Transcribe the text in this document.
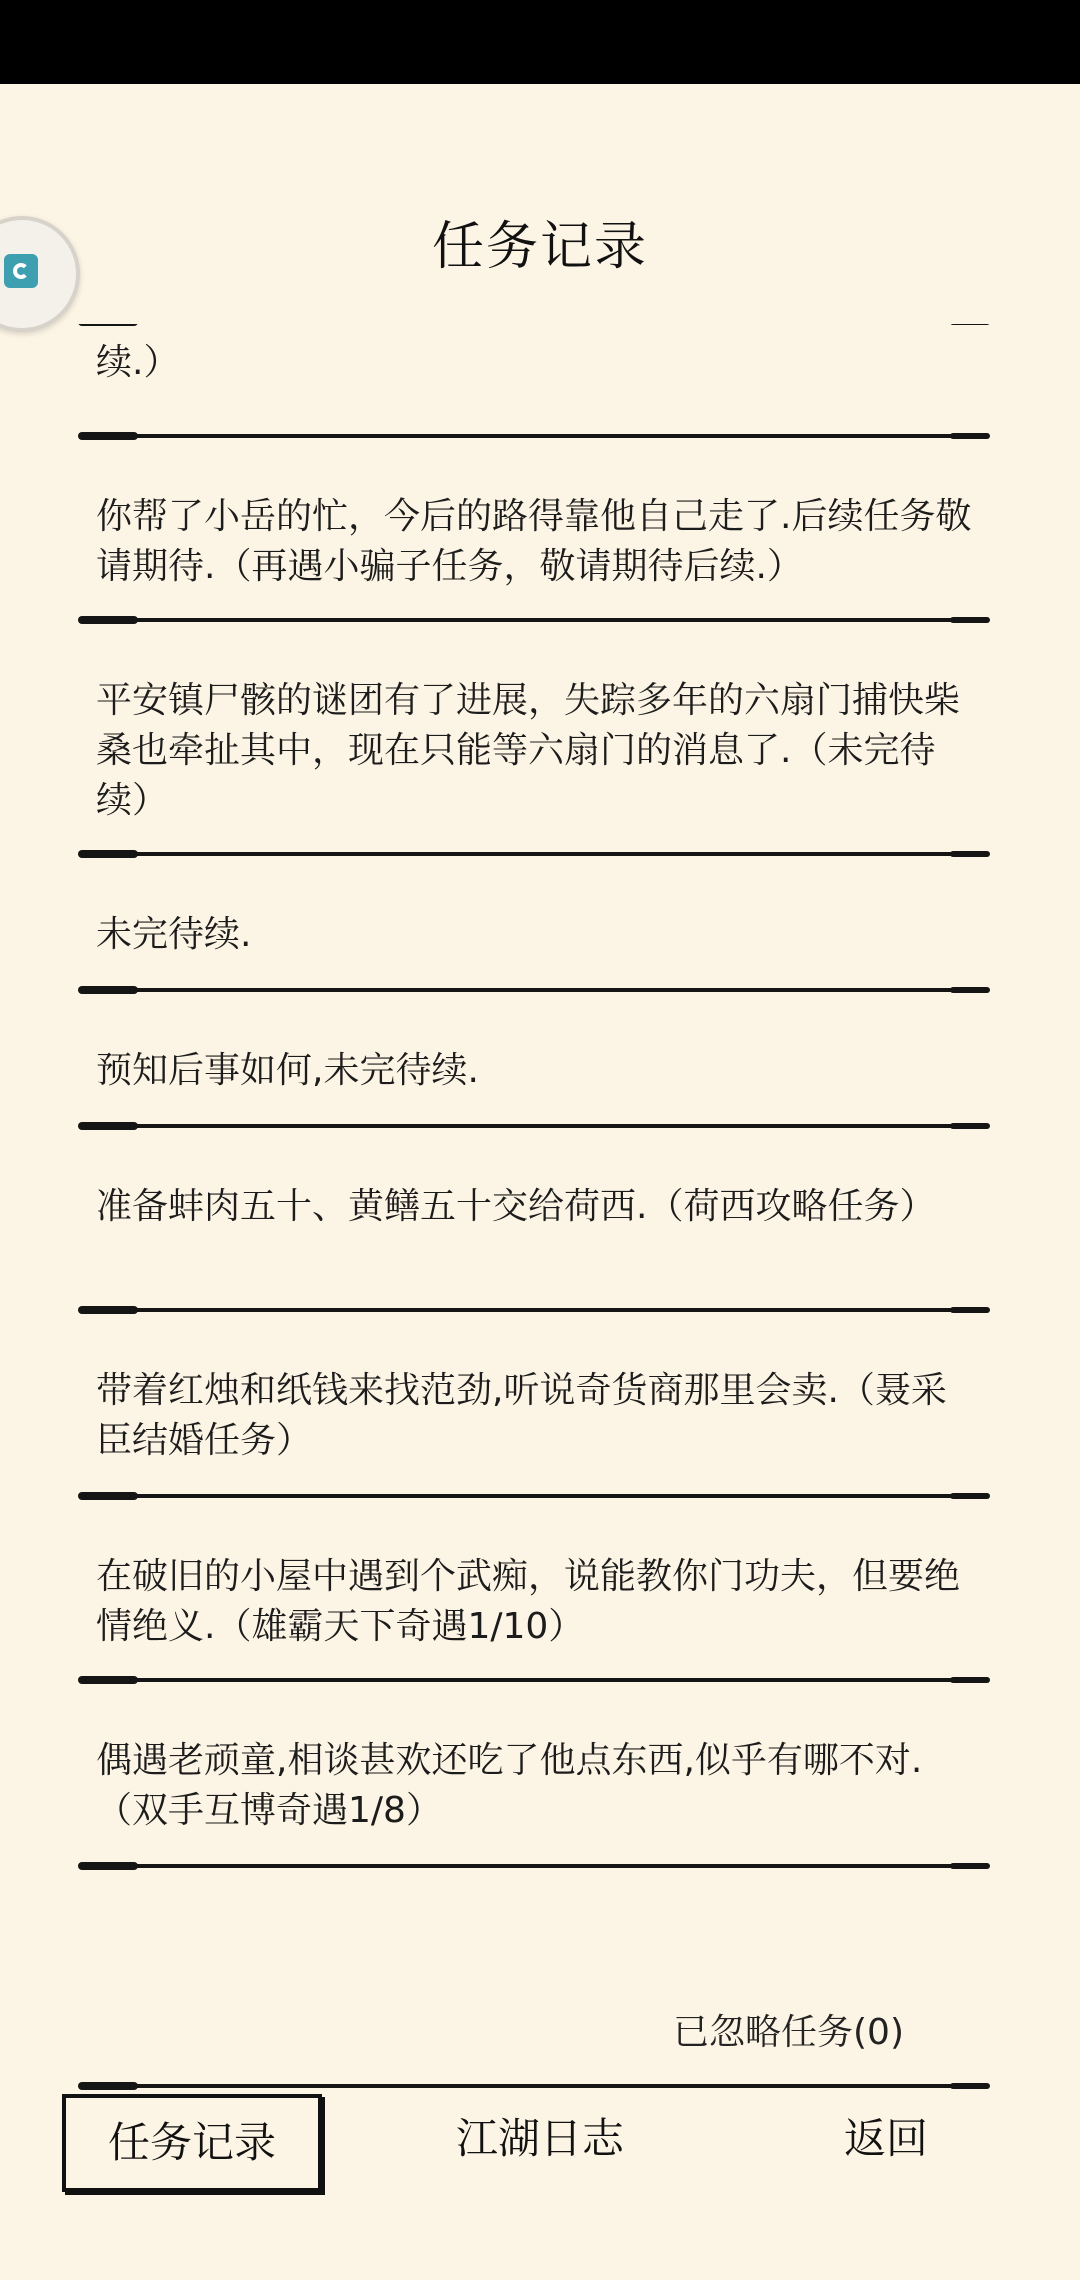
任务记录
续.）
你帮了小岳的忙，今后的路得靠他自己走了.后续任务敬请期待.（再遇小骗子任务，敬请期待后续.）
平安镇尸骸的谜团有了进展，失踪多年的六扇门捕快柴桑也牵扯其中，现在只能等六扇门的消息了.（未完待续）
未完待续.
预知后事如何,未完待续.
准备蚌肉五十、黄鳝五十交给荷西.（荷西攻略任务）
带着红烛和纸钱来找范劲,听说奇货商那里会卖.（聂采臣结婚任务）
在破旧的小屋中遇到个武痴，说能教你门功夫，但要绝情绝义.（雄霸天下奇遇1/10）
偶遇老顽童,相谈甚欢还吃了他点东西,似乎有哪不对.（双手互博奇遇1/8）
已忽略任务(0)
任务记录	江湖日志	返回
